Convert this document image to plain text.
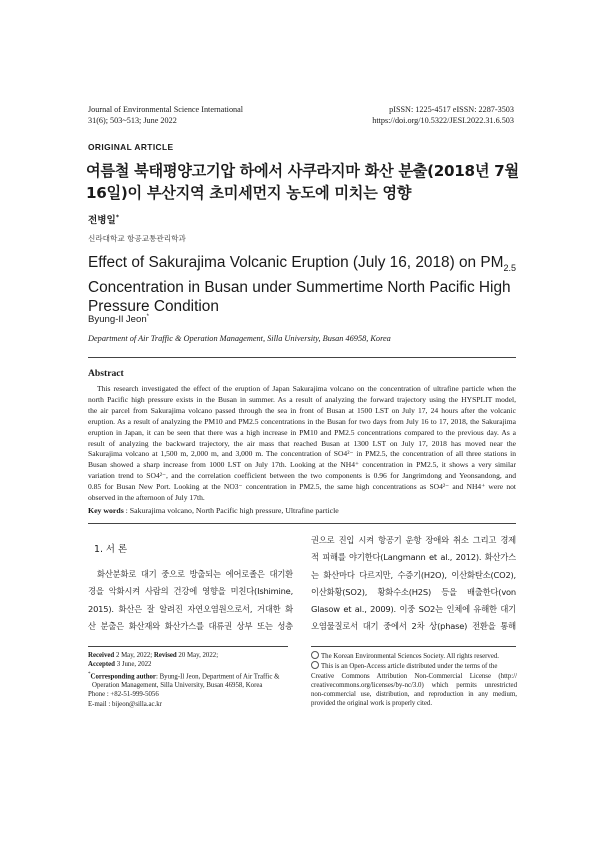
Journal of Environmental Science International
31(6); 503~513; June 2022
pISSN: 1225-4517 eISSN: 2287-3503
https://doi.org/10.5322/JESI.2022.31.6.503
ORIGINAL ARTICLE
여름철 북태평양고기압 하에서 사쿠라지마 화산 분출(2018년 7월
16일)이 부산지역 초미세먼지 농도에 미치는 영향
전병일*
신라대학교 항공교통관리학과
Effect of Sakurajima Volcanic Eruption (July 16, 2018) on $PM_{2.5}$
Concentration in Busan under Summertime North Pacific High
Pressure Condition
Byung-Il Jeon*
Department of Air Traffic & Operation Management, Silla University, Busan 46958, Korea
Abstract
This research investigated the effect of the eruption of Japan Sakurajima volcano on the concentration of ultrafine particle when the
north Pacific high pressure exists in the Busan in summer. As a result of analyzing the forward trajectory using the HYSPLIT model,
the air parcel from Sakurajima volcano passed through the sea in front of Busan at 1500 LST on July 17, 24 hours after the volcanic
eruption. As a result of analyzing the PM10 and PM2.5 concentrations in the Busan for two days from July 16 to 17, 2018, the Sakurajima
eruption in Japan, it can be seen that there was a high increase in PM10 and PM2.5 concentrations compared to the previous day. As a
result of analyzing the backward trajectory, the air mass that reached Busan at 1300 LST on July 17, 2018 has moved near the
Sakurajima volcano at 1,500 m, 2,000 m, and 3,000 m. The concentration of SO4²⁻ in PM2.5, the concentration of all three stations in
Busan showed a sharp increase from 1000 LST on July 17th. Looking at the NH4⁺ concentration in PM2.5, it shows a very similar
variation trend to SO4²⁻, and the correlation coefficient between the two components is 0.96 for Jangrimdong and Yeonsandong, and
0.85 for Busan New Port. Looking at the NO3⁻ concentration in PM2.5, the same high concentrations as SO4²⁻ and NH4⁺ were not
observed in the afternoon of July 17th.
Key words : Sakurajima volcano, North Pacific high pressure, Ultrafine particle
1. 서 론
화산분화로 대기 중으로 방출되는 에어로졸은 대기환
경을 악화시켜 사람의 건강에 영향을 미친다(Ishimine,
2015). 화산은 잘 알려진 자연오염원으로서, 거대한 화
산 분출은 화산재와 화산가스를 대류권 상부 또는 성층
권으로 진입 시켜 항공기 운항 장애와 취소 그리고 경제
적 피해를 야기한다(Langmann et al., 2012). 화산가스
는 화산마다 다르지만, 수증기(H2O), 이산화탄소(CO2),
이산화황(SO2), 황화수소(H2S) 등을 배출한다(von
Glasow et al., 2009). 이중 SO2는 인체에 유해한 대기
오염물질로서 대기 중에서 2차 상(phase) 전환을 통해
Received 2 May, 2022; Revised 20 May, 2022;
Accepted 3 June, 2022
*Corresponding author: Byung-Il Jeon, Department of Air Traffic &
Operation Management, Silla University, Busan 46958, Korea
Phone : +82-51-999-5056
E-mail : bijeon@silla.ac.kr
The Korean Environmental Sciences Society. All rights reserved.
This is an Open-Access article distributed under the terms of the
Creative Commons Attribution Non-Commercial License (http://
creativecommons.org/licenses/by-nc/3.0) which permits unrestricted
non-commercial use, distribution, and reproduction in any medium,
provided the original work is properly cited.
